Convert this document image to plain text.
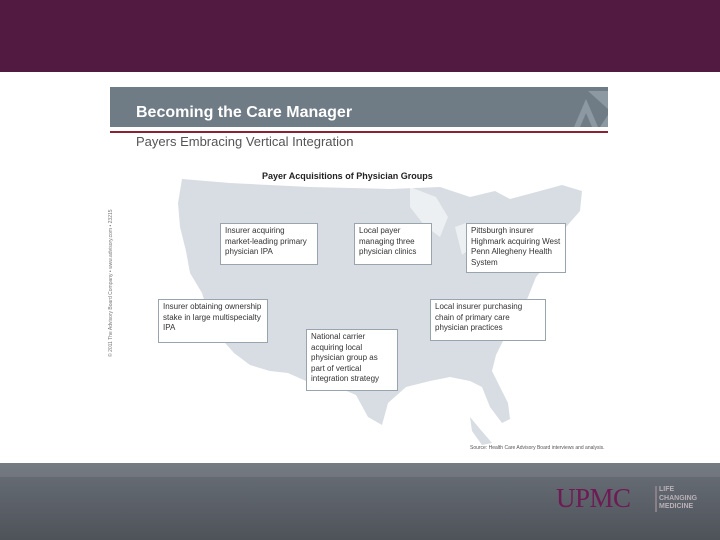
Becoming the Care Manager
Payers Embracing Vertical Integration
Payer Acquisitions of Physician Groups
Insurer acquiring market-leading primary physician IPA
Local payer managing three physician clinics
Pittsburgh insurer Highmark acquiring West Penn Allegheny Health System
Insurer obtaining ownership stake in large multispecialty IPA
Local insurer purchasing chain of primary care physician practices
National carrier acquiring local physician group as part of vertical integration strategy
© 2011 The Advisory Board Company • www.advisory.com • 23215
Source: Health Care Advisory Board interviews and analysis.
UPMC	LIFE
CHANGING
MEDICINE
